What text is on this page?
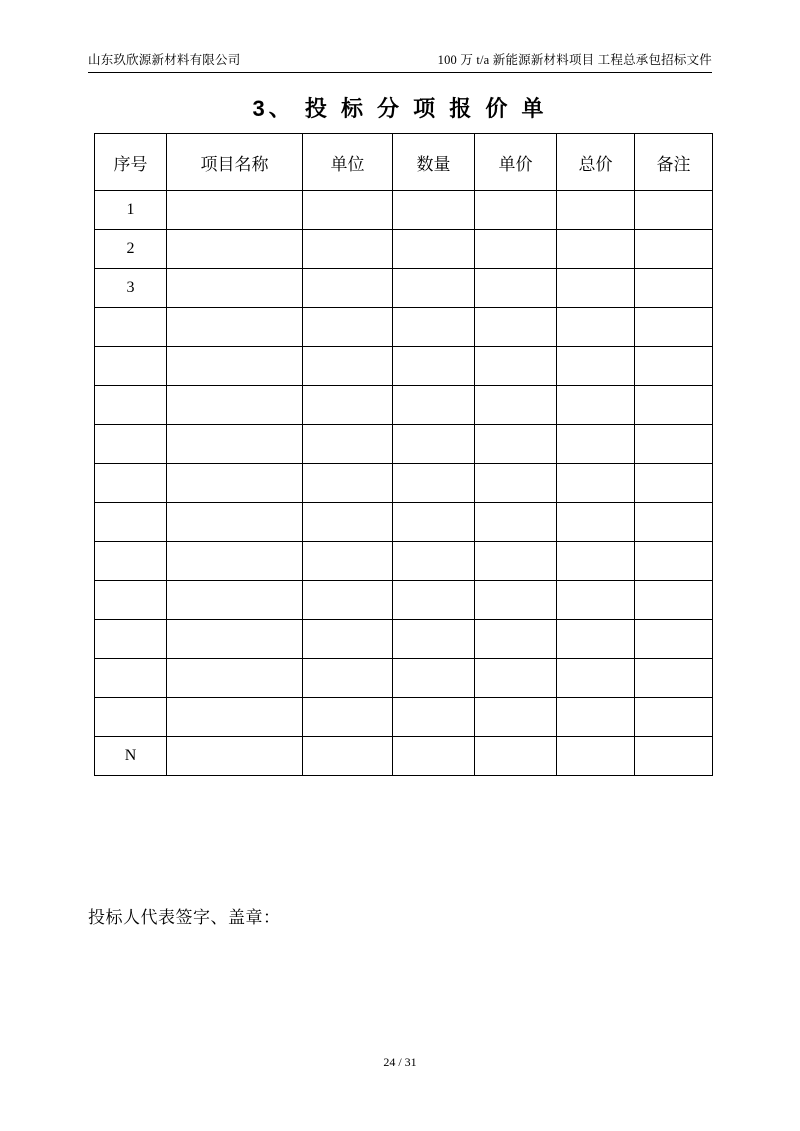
山东玖欣源新材料有限公司	100 万 t/a 新能源新材料项目 工程总承包招标文件
3、 投 标 分 项 报 价 单
序号	项目名称	单位	数量	单价	总价	备注
1						
2						
3						

N						
投标人代表签字、盖章：
24 / 31
